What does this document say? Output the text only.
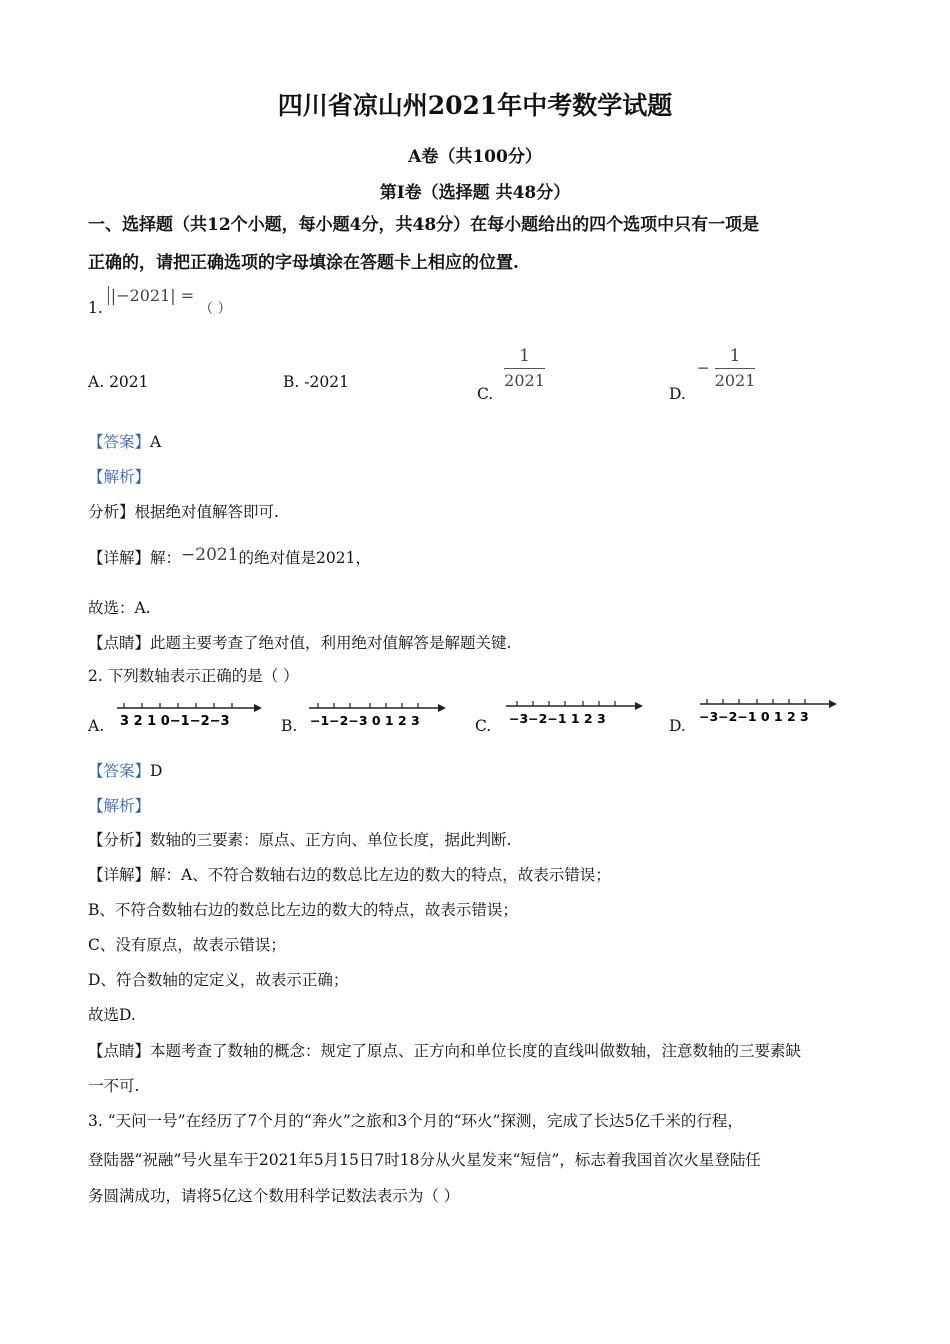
四川省凉山州2021年中考数学试题
A卷（共100分）
第I卷（选择题 共48分）
一、选择题（共12个小题，每小题4分，共48分）在每小题给出的四个选项中只有一项是
正确的，请把正确选项的字母填涂在答题卡上相应的位置.
1. |−2021| = （ ）
A. 2021	B. -2021
C.
$\frac{1}{2021}$
D. − $\frac{1}{2021}$
【答案】A
【解析】
分析】根据绝对值解答即可.
【详解】解：−2021的绝对值是2021，
故选：A.
【点睛】此题主要考查了绝对值，利用绝对值解答是解题关键.
2. 下列数轴表示正确的是（ ）
A. 3 2 1 0−1−2−3	B. −1−2−3 0 1 2 3	C. −3−2−1 1 2 3	D.
−3−2−1 0 1 2 3
【答案】D
【解析】
【分析】数轴的三要素：原点、正方向、单位长度，据此判断.
【详解】解：A、不符合数轴右边的数总比左边的数大的特点，故表示错误；
B、不符合数轴右边的数总比左边的数大的特点，故表示错误；
C、没有原点，故表示错误；
D、符合数轴的定定义，故表示正确；
故选D.
【点睛】本题考查了数轴的概念：规定了原点、正方向和单位长度的直线叫做数轴，注意数轴的三要素缺
一不可.
3. “天问一号”在经历了7个月的“奔火”之旅和3个月的“环火”探测，完成了长达5亿千米的行程，
登陆器“祝融”号火星车于2021年5月15日7时18分从火星发来“短信”，标志着我国首次火星登陆任
务圆满成功，请将5亿这个数用科学记数法表示为（ ）
